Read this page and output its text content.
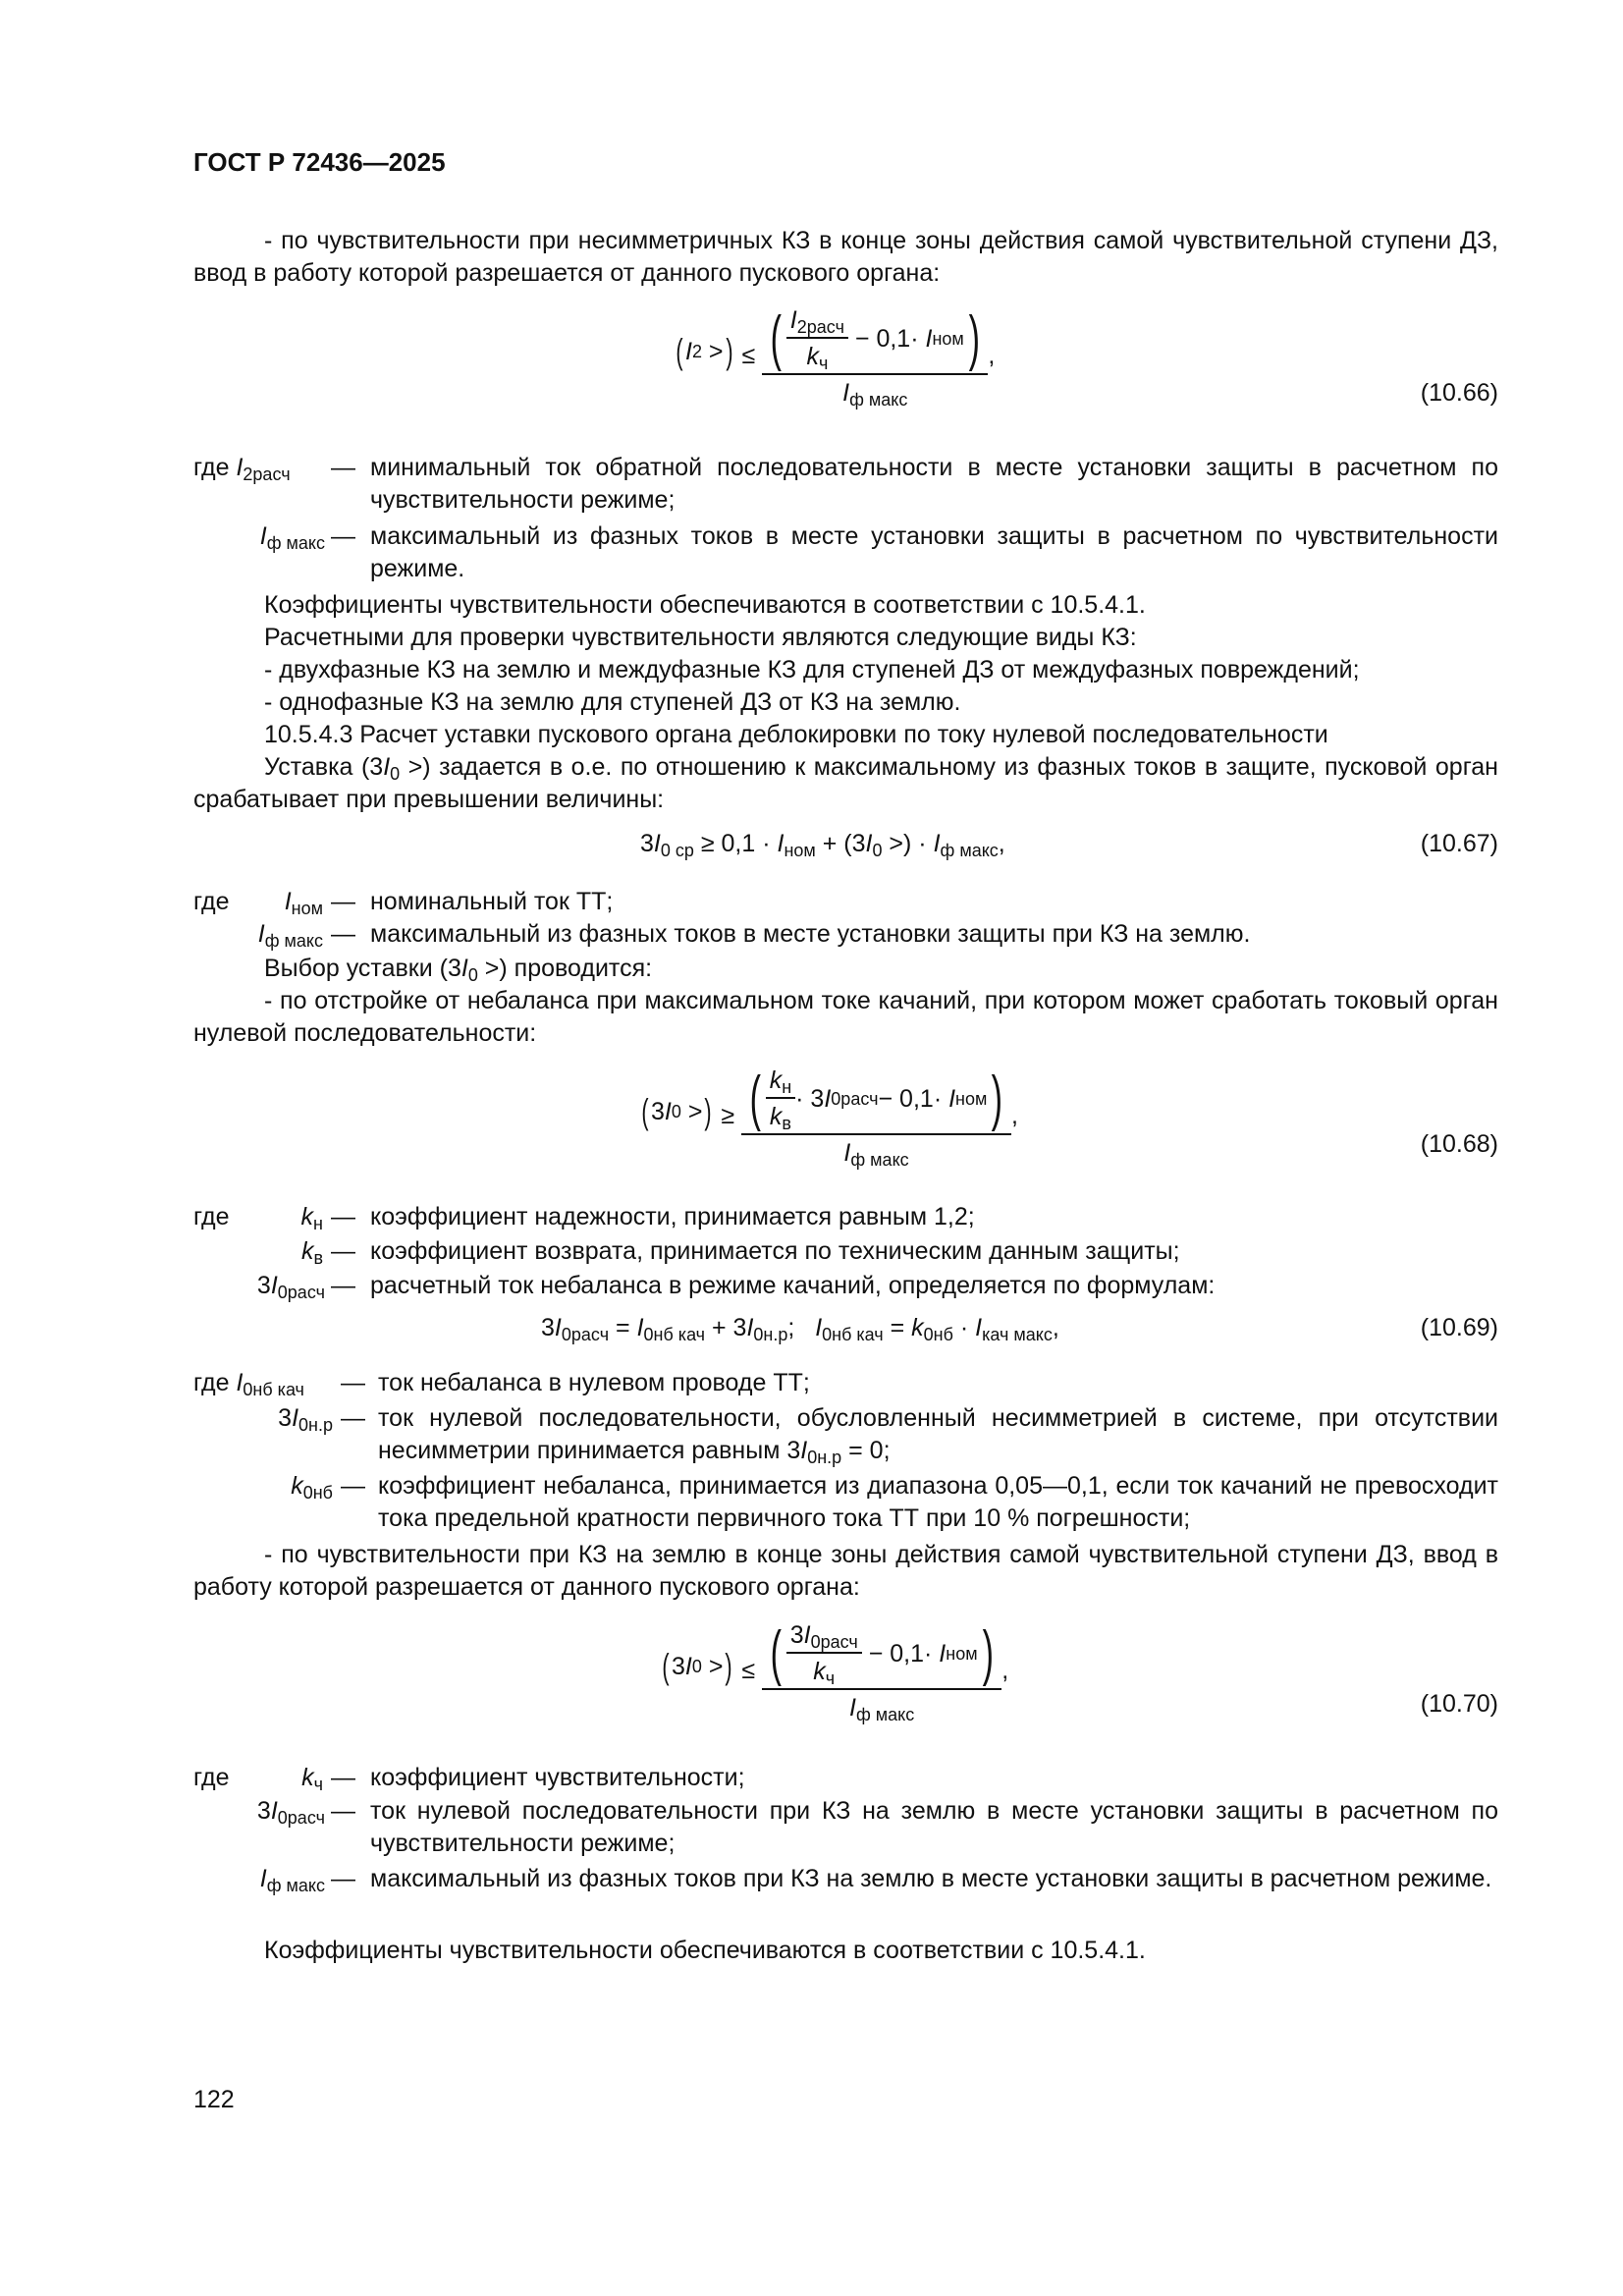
ГОСТ Р 72436—2025
- по чувствительности при несимметричных КЗ в конце зоны действия самой чувствительной ступени ДЗ, ввод в работу которой разрешается от данного пускового органа:
( I 2 > ) ≤ $\frac{( \frac{I_{2расч}}{k_ч} - 0,1\cdot I ном )}{I_{ф макс}}$ ,
(10.66)
где $I_{2расч}$	— минимальный ток обратной последовательности в месте установки защиты в расчетном по чувствительности режиме;
$I_{ф макс}$ — максимальный из фазных токов в месте установки защиты в расчетном по чувствительности режиме.
Коэффициенты чувствительности обеспечиваются в соответствии с 10.5.4.1.
Расчетными для проверки чувствительности являются следующие виды КЗ:
- двухфазные КЗ на землю и междуфазные КЗ для ступеней ДЗ от междуфазных повреждений;
- однофазные КЗ на землю для ступеней ДЗ от КЗ на землю.
10.5.4.3 Расчет уставки пускового органа деблокировки по току нулевой последовательности
Уставка ($3I_0$ >) задается в о.е. по отношению к максимальному из фазных токов в защите, пусковой орган срабатывает при превышении величины:
$3I_{0 ср} \ge 0,1 \cdot I_{ном} + (3I_0$ >) · $I_{ф макс}$,	(10.67)
где	$I_{ном}$ — номинальный ток ТТ;
$I_{ф макс}$ — максимальный из фазных токов в месте установки защиты при КЗ на землю.
Выбор уставки ($3I_0$ >) проводится:
- по отстройке от небаланса при максимальном токе качаний, при котором может сработать токовый орган нулевой последовательности:
( 3 I 0 > ) ≥ $\frac{( \frac{k_н}{k_в} \cdot 3 I 0расч - 0,1\cdot I ном )}{I_{ф макс}}$ ,
(10.68)
где	$k_н$ — коэффициент надежности, принимается равным 1,2;
$k_в$ — коэффициент возврата, принимается по техническим данным защиты;
$3I_{0расч}$ — расчетный ток небаланса в режиме качаний, определяется по формулам:
$3I_{0расч} = I_{0нб кач} + 3I_{0н.р}$;   $I_{0нб кач} = k_{0нб} \cdot I_{кач макс}$,	(10.69)
где $I_{0нб кач}$	— ток небаланса в нулевом проводе ТТ;
$3I_{0н.р}$ — ток нулевой последовательности, обусловленный несимметрией в системе, при отсутствии несимметрии принимается равным $3I_{0н.р} = 0$;
$k_{0нб}$ — коэффициент небаланса, принимается из диапазона 0,05—0,1, если ток качаний не превосходит тока предельной кратности первичного тока ТТ при 10 % погрешности;
- по чувствительности при КЗ на землю в конце зоны действия самой чувствительной ступени ДЗ, ввод в работу которой разрешается от данного пускового органа:
( 3 I 0 > ) ≤ $\frac{( \frac{3I_{0расч}}{k_ч} - 0,1\cdot I ном )}{I_{ф макс}}$ ,
(10.70)
где	$k_ч$ — коэффициент чувствительности;
$3I_{0расч}$ — ток нулевой последовательности при КЗ на землю в месте установки защиты в расчетном по чувствительности режиме;
$I_{ф макс}$ — максимальный из фазных токов при КЗ на землю в месте установки защиты в расчетном режиме.
Коэффициенты чувствительности обеспечиваются в соответствии с 10.5.4.1.
122
